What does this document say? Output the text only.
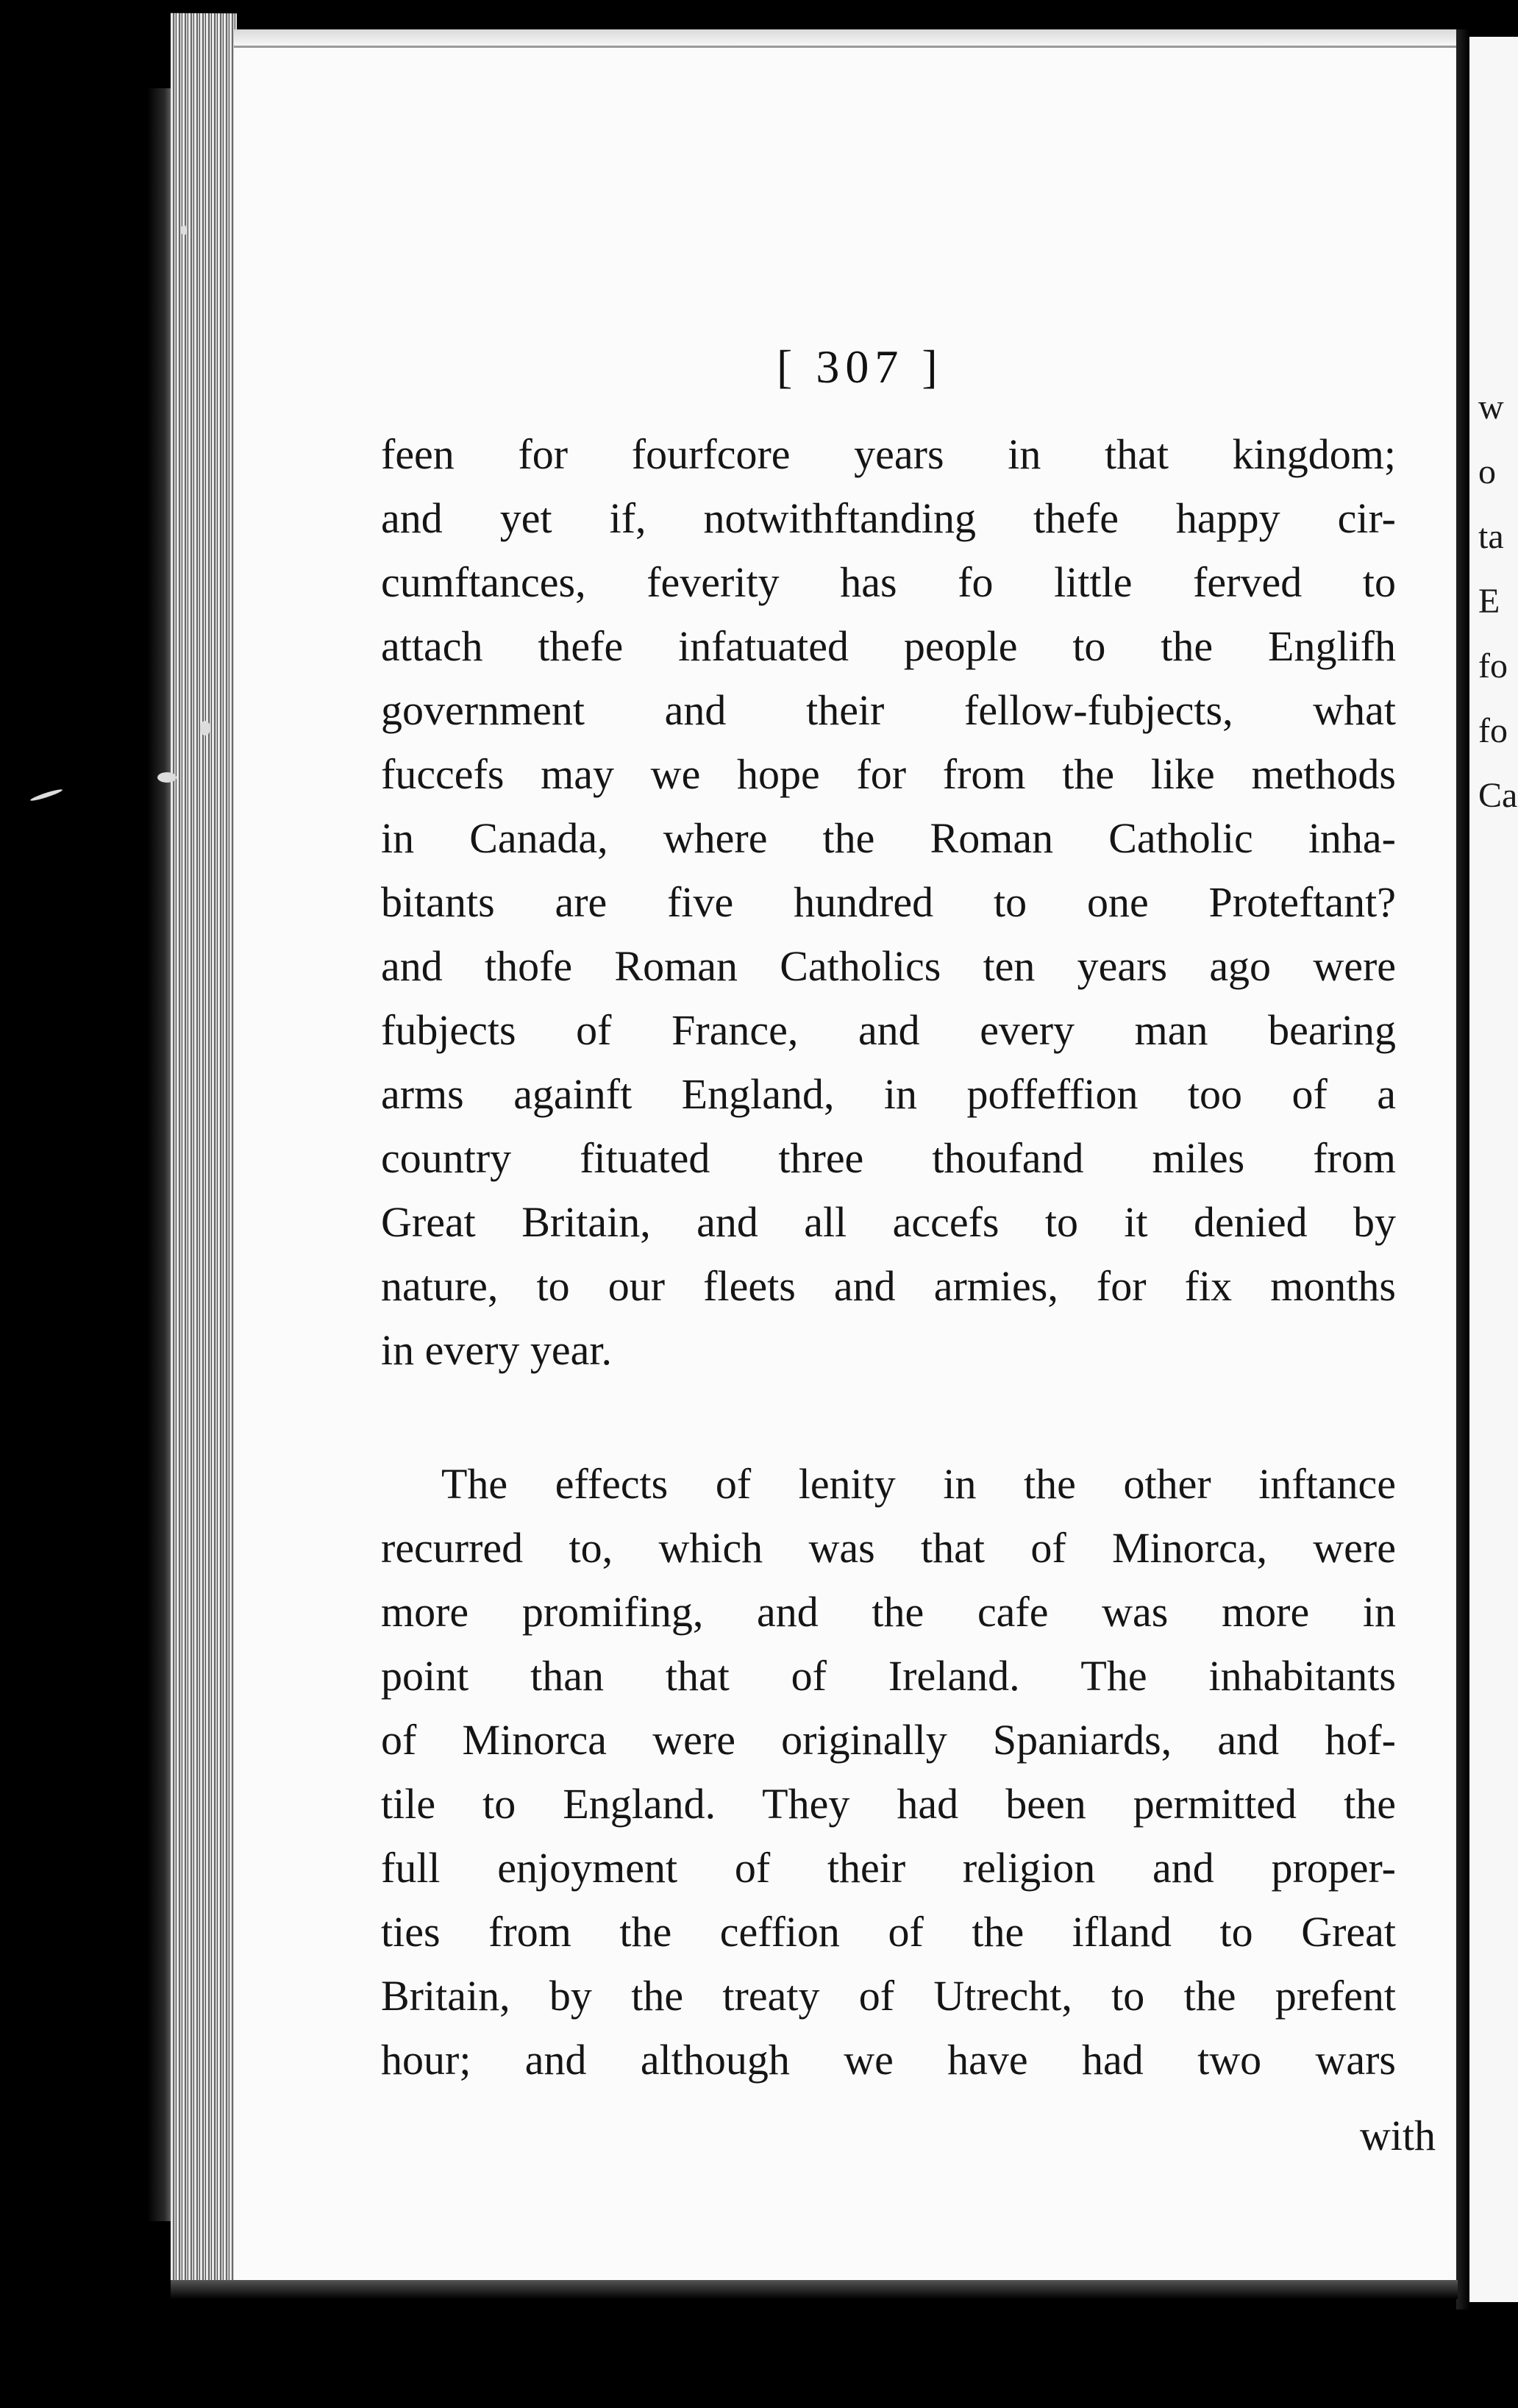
w
o
ta
E
fo
fo
Ca
[ 307 ]
feen for fourfcore years in that kingdom;
and yet if, notwithftanding thefe happy cir-
cumftances, feverity has fo little ferved to
attach thefe infatuated people to the Englifh
government and their fellow-fubjects, what
fuccefs may we hope for from the like methods
in Canada, where the Roman Catholic inha-
bitants are five hundred to one Proteftant?
and thofe Roman Catholics ten years ago were
fubjects of France, and every man bearing
arms againft England, in poffeffion too of a
country fituated three thoufand miles from
Great Britain, and all accefs to it denied by
nature, to our fleets and armies, for fix months
in every year.
The effects of lenity in the other inftance
recurred to, which was that of Minorca, were
more promifing, and the cafe was more in
point than that of Ireland. The inhabitants
of Minorca were originally Spaniards, and hof-
tile to England. They had been permitted the
full enjoyment of their religion and proper-
ties from the ceffion of the ifland to Great
Britain, by the treaty of Utrecht, to the prefent
hour; and although we have had two wars
with
